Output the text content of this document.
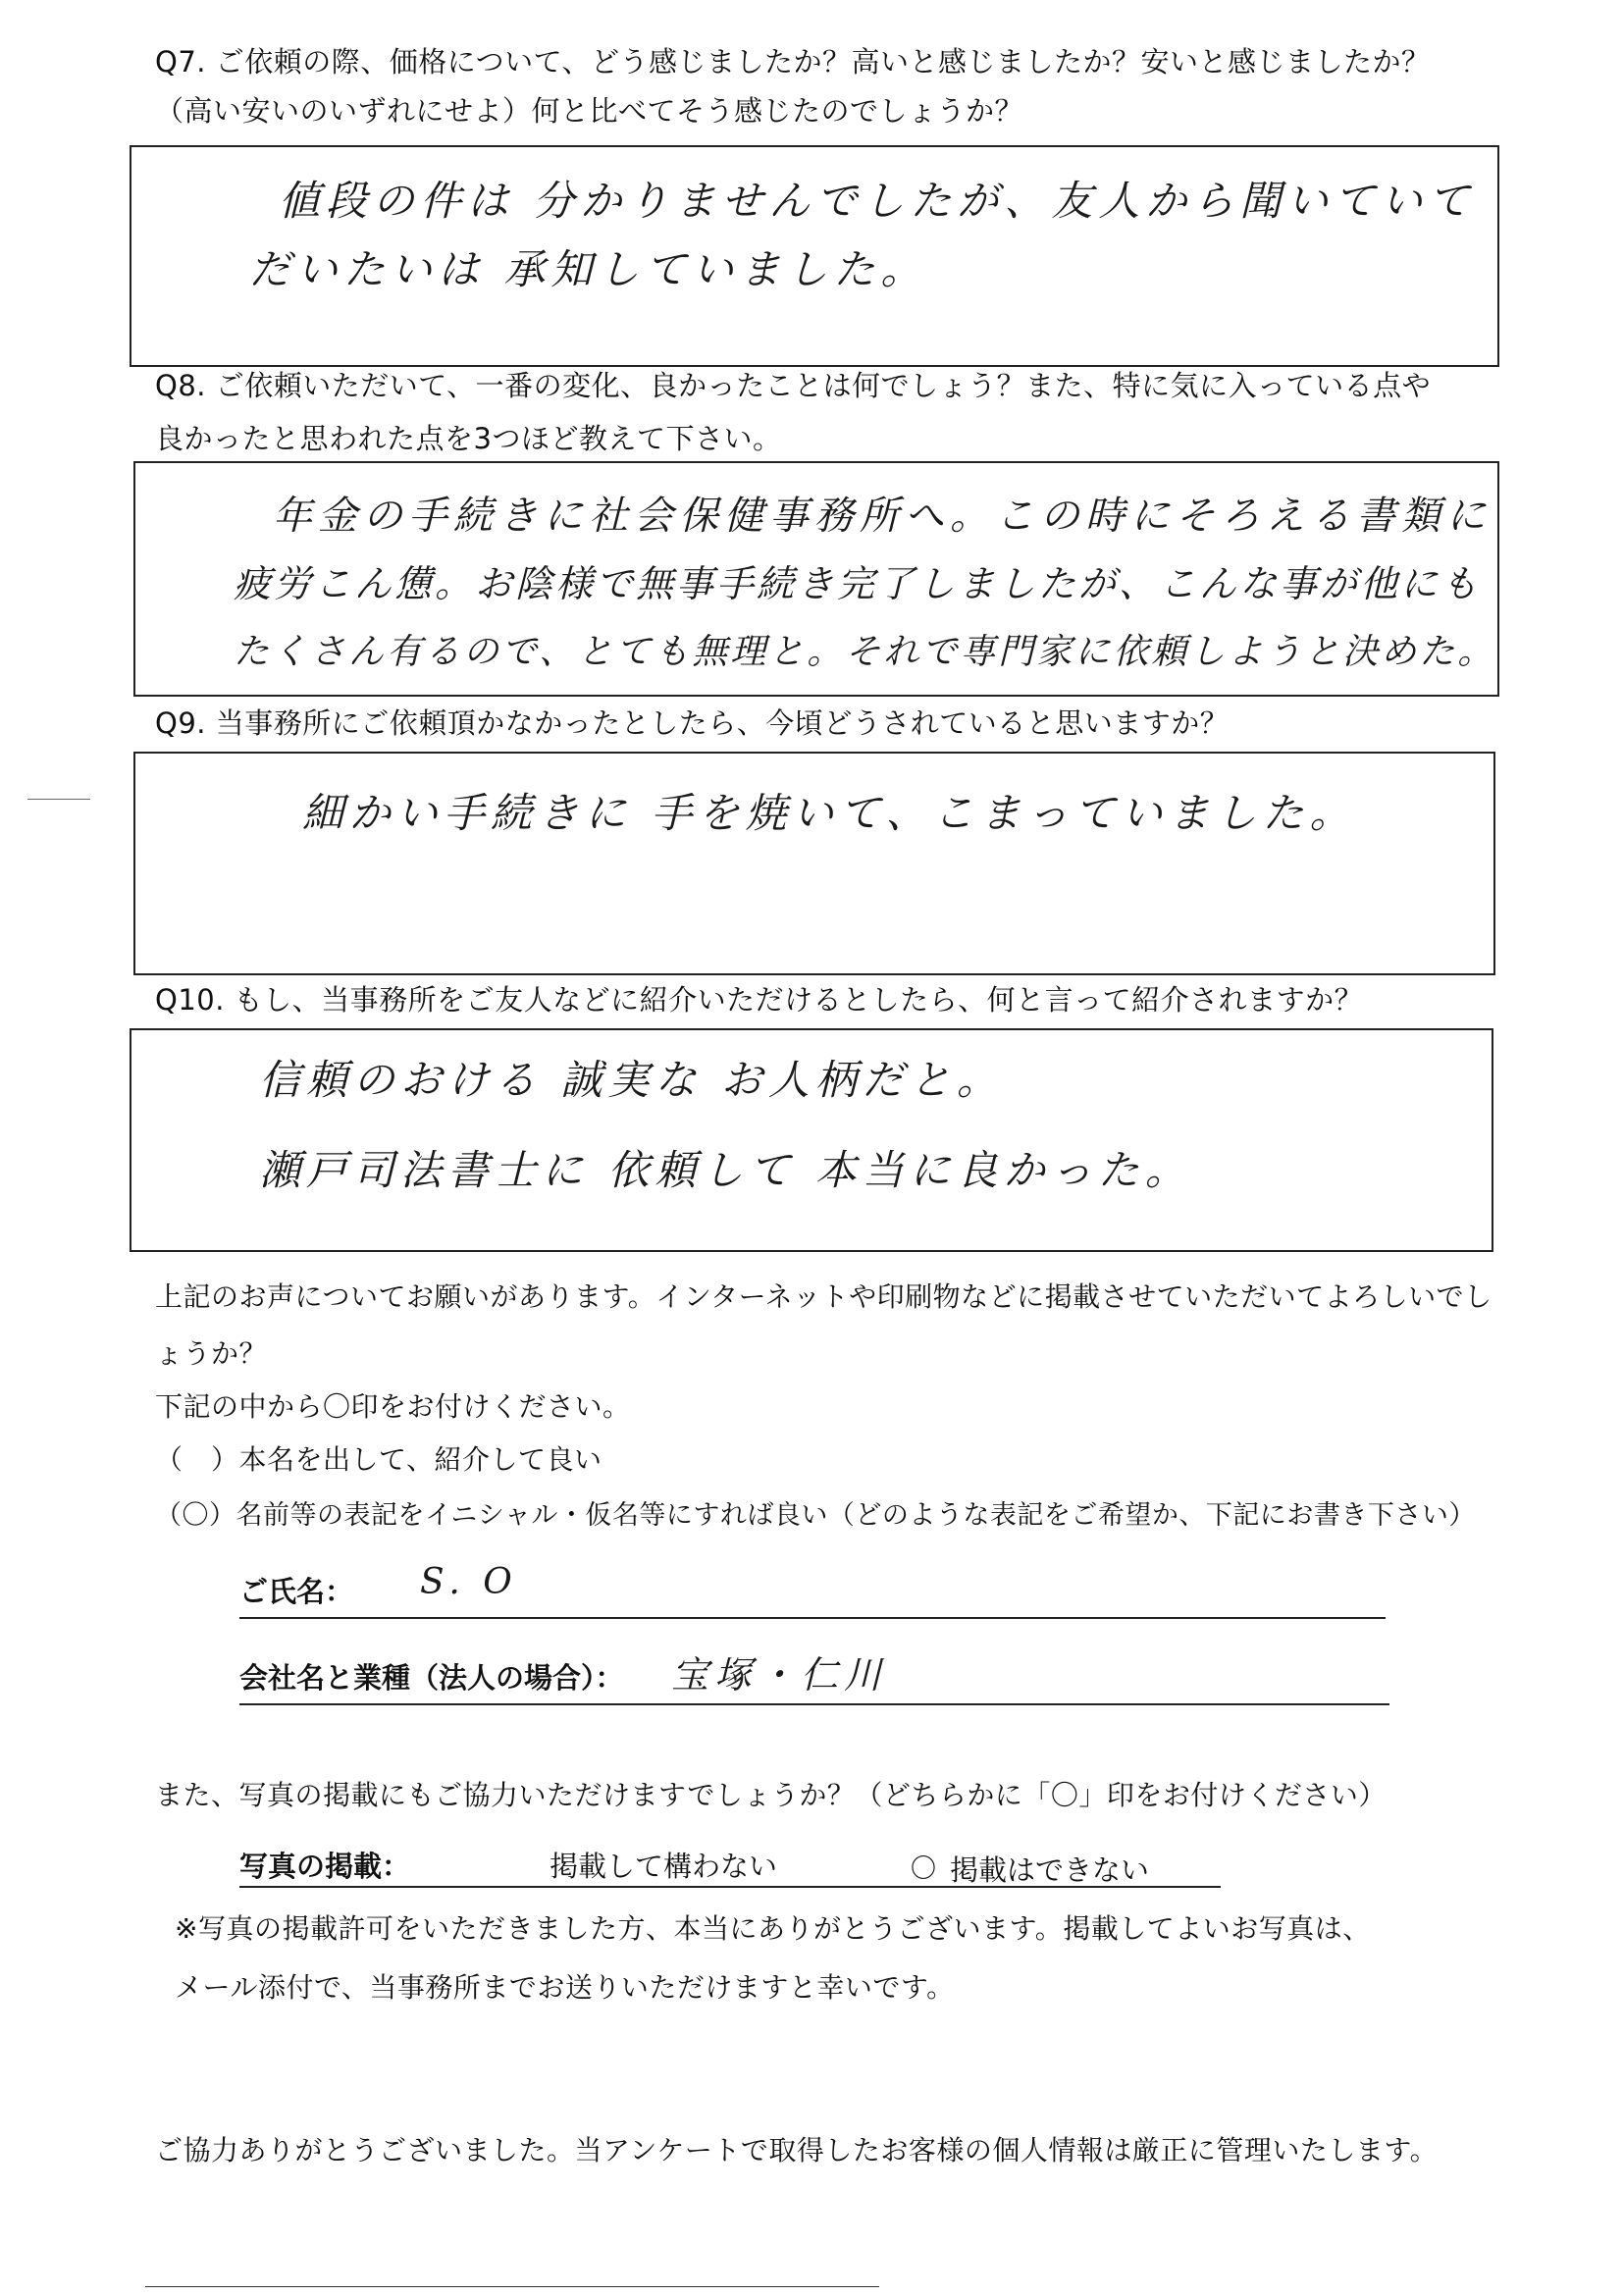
Q7. ご依頼の際、価格について、どう感じましたか？高いと感じましたか？安いと感じましたか？
（高い安いのいずれにせよ）何と比べてそう感じたのでしょうか？
値段の件は 分かりませんでしたが、友人から聞いていて
だいたいは 承知していました。
Q8. ご依頼いただいて、一番の変化、良かったことは何でしょう？また、特に気に入っている点や
良かったと思われた点を3つほど教えて下さい。
年金の手続きに社会保健事務所へ。この時にそろえる書類に
疲労こん憊。お陰様で無事手続き完了しましたが、こんな事が他にも
たくさん有るので、とても無理と。それで専門家に依頼しようと決めた。
Q9. 当事務所にご依頼頂かなかったとしたら、今頃どうされていると思いますか？
細かい手続きに 手を焼いて、こまっていました。
Q10. もし、当事務所をご友人などに紹介いただけるとしたら、何と言って紹介されますか？
信頼のおける 誠実な お人柄だと。
瀬戸司法書士に 依頼して 本当に良かった。
上記のお声についてお願いがあります。インターネットや印刷物などに掲載させていただいてよろしいでし
ょうか？
下記の中から〇印をお付けください。
（　）本名を出して、紹介して良い
（〇）名前等の表記をイニシャル・仮名等にすれば良い（どのような表記をご希望か、下記にお書き下さい）
ご氏名： S. O
会社名と業種（法人の場合）： 宝塚・仁川
また、写真の掲載にもご協力いただけますでしょうか？（どちらかに「〇」印をお付けください）
写真の掲載：	掲載して構わない	〇 掲載はできない
※写真の掲載許可をいただきました方、本当にありがとうございます。掲載してよいお写真は、
メール添付で、当事務所までお送りいただけますと幸いです。
ご協力ありがとうございました。当アンケートで取得したお客様の個人情報は厳正に管理いたします。
